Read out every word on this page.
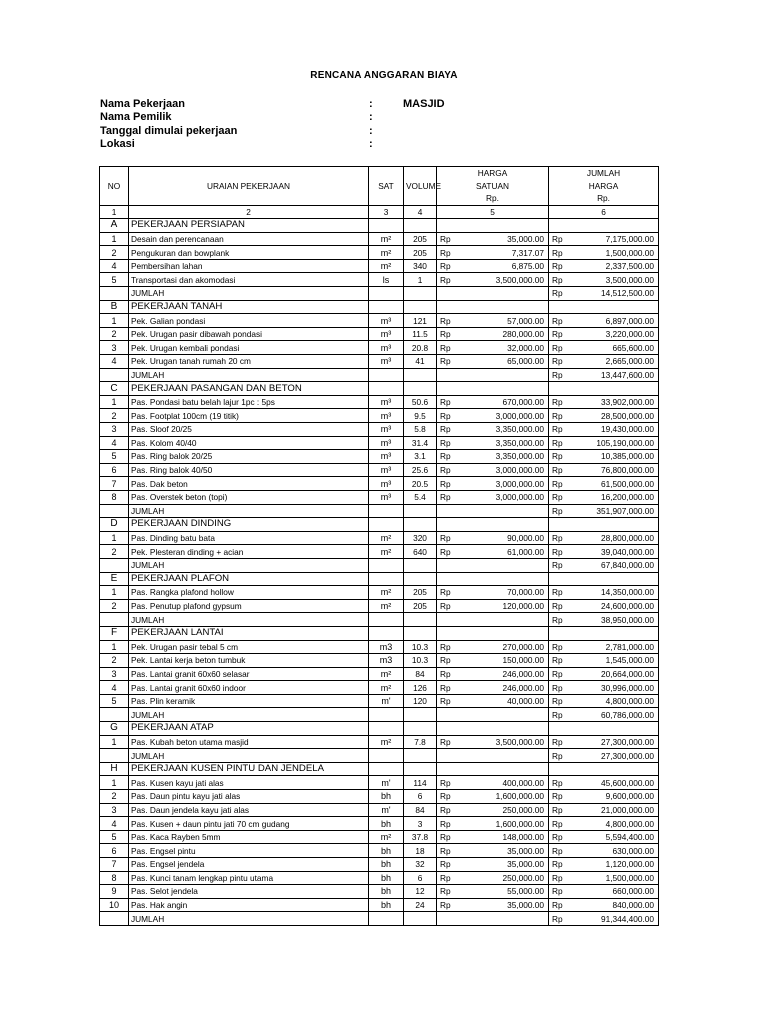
RENCANA ANGGARAN BIAYA
Nama Pekerjaan	:	MASJID
Nama Pemilik	:
Tanggal dimulai pekerjaan	:
Lokasi	:
NO	URAIAN PEKERJAAN	SAT	VOLUME	HARGA		JUMLAH	
				SATUAN		HARGA	
				Rp.		Rp.	
1	2	3	4	5		6	
A	PEKERJAAN PERSIAPAN						
1	Desain dan perencanaan	m²	205	Rp	35,000.00	Rp	7,175,000.00
2	Pengukuran dan bowplank	m²	205	Rp	7,317.07	Rp	1,500,000.00
4	Pembersihan lahan	m²	340	Rp	6,875.00	Rp	2,337,500.00
5	Transportasi dan akomodasi	ls	1	Rp	3,500,000.00	Rp	3,500,000.00
	JUMLAH					Rp	14,512,500.00
B	PEKERJAAN TANAH						
1	Pek. Galian pondasi	m³	121	Rp	57,000.00	Rp	6,897,000.00
2	Pek. Urugan pasir dibawah pondasi	m³	11.5	Rp	280,000.00	Rp	3,220,000.00
3	Pek. Urugan kembali pondasi	m³	20.8	Rp	32,000.00	Rp	665,600.00
4	Pek. Urugan tanah rumah 20 cm	m³	41	Rp	65,000.00	Rp	2,665,000.00
	JUMLAH					Rp	13,447,600.00
C	PEKERJAAN PASANGAN DAN BETON						
1	Pas. Pondasi batu belah lajur 1pc : 5ps	m³	50.6	Rp	670,000.00	Rp	33,902,000.00
2	Pas. Footplat 100cm (19 titik)	m³	9.5	Rp	3,000,000.00	Rp	28,500,000.00
3	Pas. Sloof 20/25	m³	5.8	Rp	3,350,000.00	Rp	19,430,000.00
4	Pas. Kolom 40/40	m³	31.4	Rp	3,350,000.00	Rp	105,190,000.00
5	Pas. Ring balok 20/25	m³	3.1	Rp	3,350,000.00	Rp	10,385,000.00
6	Pas. Ring balok 40/50	m³	25.6	Rp	3,000,000.00	Rp	76,800,000.00
7	Pas. Dak beton	m³	20.5	Rp	3,000,000.00	Rp	61,500,000.00
8	Pas. Overstek beton (topi)	m³	5.4	Rp	3,000,000.00	Rp	16,200,000.00
	JUMLAH					Rp	351,907,000.00
D	PEKERJAAN DINDING						
1	Pas. Dinding batu bata	m²	320	Rp	90,000.00	Rp	28,800,000.00
2	Pek. Plesteran dinding + acian	m²	640	Rp	61,000.00	Rp	39,040,000.00
	JUMLAH					Rp	67,840,000.00
E	PEKERJAAN PLAFON						
1	Pas. Rangka plafond hollow	m²	205	Rp	70,000.00	Rp	14,350,000.00
2	Pas. Penutup plafond gypsum	m²	205	Rp	120,000.00	Rp	24,600,000.00
	JUMLAH					Rp	38,950,000.00
F	PEKERJAAN LANTAI						
1	Pek. Urugan pasir tebal 5 cm	m3	10.3	Rp	270,000.00	Rp	2,781,000.00
2	Pek. Lantai kerja beton tumbuk	m3	10.3	Rp	150,000.00	Rp	1,545,000.00
3	Pas. Lantai granit 60x60 selasar	m²	84	Rp	246,000.00	Rp	20,664,000.00
4	Pas. Lantai granit 60x60 indoor	m²	126	Rp	246,000.00	Rp	30,996,000.00
5	Pas. Plin keramik	m'	120	Rp	40,000.00	Rp	4,800,000.00
	JUMLAH					Rp	60,786,000.00
G	PEKERJAAN ATAP						
1	Pas. Kubah beton utama masjid	m²	7.8	Rp	3,500,000.00	Rp	27,300,000.00
	JUMLAH					Rp	27,300,000.00
H	PEKERJAAN KUSEN PINTU DAN JENDELA						
1	Pas. Kusen kayu jati alas	m'	114	Rp	400,000.00	Rp	45,600,000.00
2	Pas. Daun pintu kayu jati alas	bh	6	Rp	1,600,000.00	Rp	9,600,000.00
3	Pas. Daun jendela kayu jati alas	m'	84	Rp	250,000.00	Rp	21,000,000.00
4	Pas. Kusen + daun pintu jati 70 cm gudang	bh	3	Rp	1,600,000.00	Rp	4,800,000.00
5	Pas. Kaca Rayben 5mm	m²	37.8	Rp	148,000.00	Rp	5,594,400.00
6	Pas. Engsel pintu	bh	18	Rp	35,000.00	Rp	630,000.00
7	Pas. Engsel jendela	bh	32	Rp	35,000.00	Rp	1,120,000.00
8	Pas. Kunci tanam lengkap pintu utama	bh	6	Rp	250,000.00	Rp	1,500,000.00
9	Pas. Selot jendela	bh	12	Rp	55,000.00	Rp	660,000.00
10	Pas. Hak angin	bh	24	Rp	35,000.00	Rp	840,000.00
	JUMLAH					Rp	91,344,400.00
